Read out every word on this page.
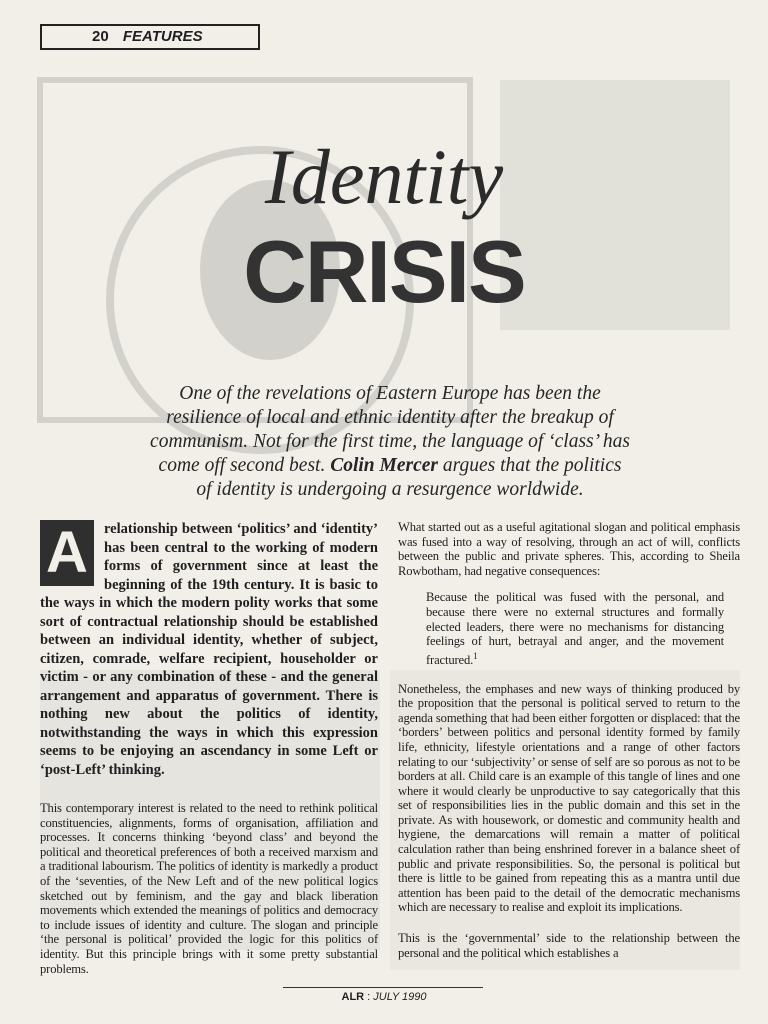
20 FEATURES
Identity
CRISIS
One of the revelations of Eastern Europe has been the resilience of local and ethnic identity after the breakup of communism. Not for the first time, the language of ‘class’ has come off second best. Colin Mercer argues that the politics of identity is undergoing a resurgence worldwide.
A	relationship between ‘politics’ and ‘identity’ has been central to the working of modern forms of government since at least the beginning of the 19th century. It is basic to the ways in which the modern polity works that some sort of contractual relationship should be established between an individual identity, whether of subject, citizen, comrade, welfare recipient, householder or victim - or any combination of these - and the general arrangement and apparatus of government. There is nothing new about the politics of identity, notwithstanding the ways in which this expression seems to be enjoying an ascendancy in some Left or ‘post-Left’ thinking.

This contemporary interest is related to the need to rethink political constituencies, alignments, forms of organisation, affiliation and processes. It concerns thinking ‘beyond class’ and beyond the political and theoretical preferences of both a received marxism and a traditional labourism. The politics of identity is markedly a product of the ‘seventies, of the New Left and of the new political logics sketched out by feminism, and the gay and black liberation movements which extended the meanings of politics and democracy to include issues of identity and culture. The slogan and principle ‘the personal is political’ provided the logic for this politics of identity. But this principle brings with it some pretty substantial problems.

What started out as a useful agitational slogan and political emphasis was fused into a way of resolving, through an act of will, conflicts between the public and private spheres. This, according to Sheila Rowbotham, had negative consequences:

Because the political was fused with the personal, and because there were no external structures and formally elected leaders, there were no mechanisms for distancing feelings of hurt, betrayal and anger, and the movement fractured.$^1$

Nonetheless, the emphases and new ways of thinking produced by the proposition that the personal is political served to return to the agenda something that had been either forgotten or displaced: that the ‘borders’ between politics and personal identity formed by family life, ethnicity, lifestyle orientations and a range of other factors relating to our ‘subjectivity’ or sense of self are so porous as not to be borders at all. Child care is an example of this tangle of lines and one where it would clearly be unproductive to say categorically that this set of responsibilities lies in the public domain and this set in the private. As with housework, or domestic and community health and hygiene, the demarcations will remain a matter of political calculation rather than being enshrined forever in a balance sheet of public and private responsibilities. So, the personal is political but there is little to be gained from repeating this as a mantra until due attention has been paid to the detail of the democratic mechanisms which are necessary to realise and exploit its implications.

This is the ‘governmental’ side to the relationship between the personal and the political which establishes a

ALR : JULY 1990
